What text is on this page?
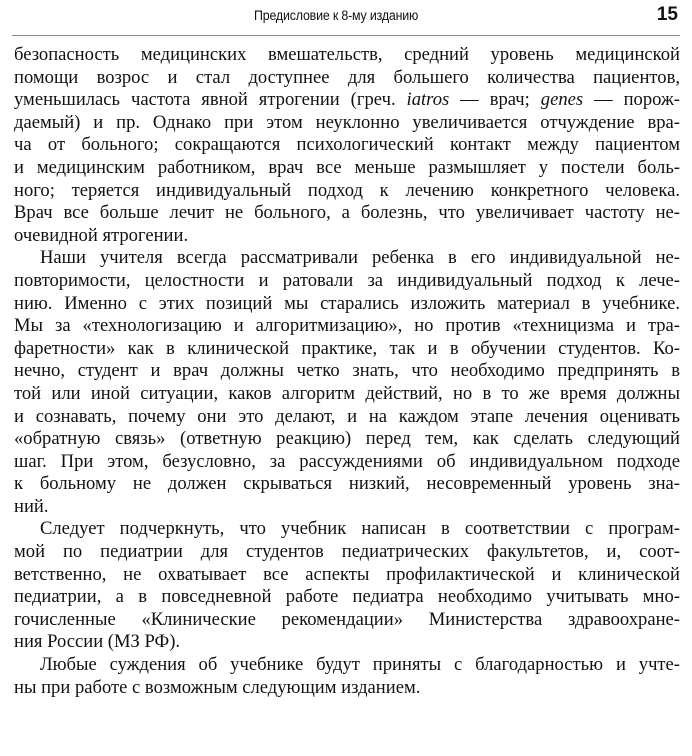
Предисловие к 8-му изданию	15
безопасность медицинских вмешательств, средний уровень медицинской
помощи возрос и стал доступнее для большего количества пациентов,
уменьшилась частота явной ятрогении (греч. iatros — врач; genes — порож-
даемый) и пр. Однако при этом неуклонно увеличивается отчуждение вра-
ча от больного; сокращаются психологический контакт между пациентом
и медицинским работником, врач все меньше размышляет у постели боль-
ного; теряется индивидуальный подход к лечению конкретного человека.
Врач все больше лечит не больного, а болезнь, что увеличивает частоту не-
очевидной ятрогении.
Наши учителя всегда рассматривали ребенка в его индивидуальной не-
повторимости, целостности и ратовали за индивидуальный подход к лече-
нию. Именно с этих позиций мы старались изложить материал в учебнике.
Мы за «технологизацию и алгоритмизацию», но против «техницизма и тра-
фаретности» как в клинической практике, так и в обучении студентов. Ко-
нечно, студент и врач должны четко знать, что необходимо предпринять в
той или иной ситуации, каков алгоритм действий, но в то же время должны
и сознавать, почему они это делают, и на каждом этапе лечения оценивать
«обратную связь» (ответную реакцию) перед тем, как сделать следующий
шаг. При этом, безусловно, за рассуждениями об индивидуальном подходе
к больному не должен скрываться низкий, несовременный уровень зна-
ний.
Следует подчеркнуть, что учебник написан в соответствии с програм-
мой по педиатрии для студентов педиатрических факультетов, и, соот-
ветственно, не охватывает все аспекты профилактической и клинической
педиатрии, а в повседневной работе педиатра необходимо учитывать мно-
гочисленные «Клинические рекомендации» Министерства здравоохране-
ния России (МЗ РФ).
Любые суждения об учебнике будут приняты с благодарностью и учте-
ны при работе с возможным следующим изданием.
